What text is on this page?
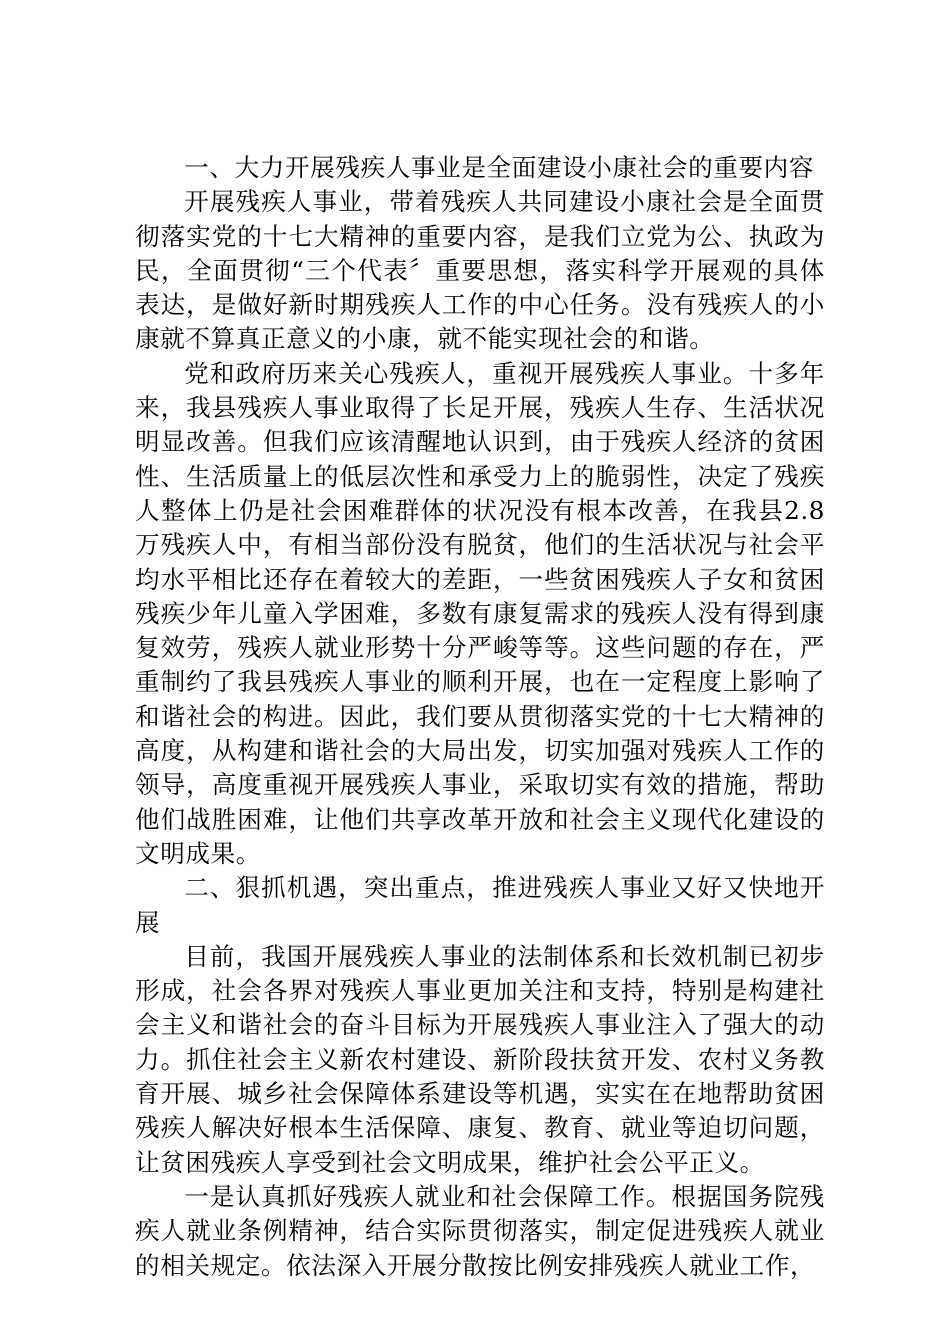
一、大力开展残疾人事业是全面建设小康社会的重要内容

开展残疾人事业，带着残疾人共同建设小康社会是全面贯彻落实党的十七大精神的重要内容，是我们立党为公、执政为民，全面贯彻“三个代表〞重要思想，落实科学开展观的具体表达，是做好新时期残疾人工作的中心任务。没有残疾人的小康就不算真正意义的小康，就不能实现社会的和谐。

党和政府历来关心残疾人，重视开展残疾人事业。十多年来，我县残疾人事业取得了长足开展，残疾人生存、生活状况明显改善。但我们应该清醒地认识到，由于残疾人经济的贫困性、生活质量上的低层次性和承受力上的脆弱性，决定了残疾人整体上仍是社会困难群体的状况没有根本改善，在我县2.8万残疾人中，有相当部份没有脱贫，他们的生活状况与社会平均水平相比还存在着较大的差距，一些贫困残疾人子女和贫困残疾少年儿童入学困难，多数有康复需求的残疾人没有得到康复效劳，残疾人就业形势十分严峻等等。这些问题的存在，严重制约了我县残疾人事业的顺利开展，也在一定程度上影响了和谐社会的构进。因此，我们要从贯彻落实党的十七大精神的高度，从构建和谐社会的大局出发，切实加强对残疾人工作的领导，高度重视开展残疾人事业，采取切实有效的措施，帮助他们战胜困难，让他们共享改革开放和社会主义现代化建设的文明成果。

二、狠抓机遇，突出重点，推进残疾人事业又好又快地开展

目前，我国开展残疾人事业的法制体系和长效机制已初步形成，社会各界对残疾人事业更加关注和支持，特别是构建社会主义和谐社会的奋斗目标为开展残疾人事业注入了强大的动力。抓住社会主义新农村建设、新阶段扶贫开发、农村义务教育开展、城乡社会保障体系建设等机遇，实实在在地帮助贫困残疾人解决好根本生活保障、康复、教育、就业等迫切问题，让贫困残疾人享受到社会文明成果，维护社会公平正义。

一是认真抓好残疾人就业和社会保障工作。根据国务院残疾人就业条例精神，结合实际贯彻落实，制定促进残疾人就业的相关规定。依法深入开展分散按比例安排残疾人就业工作，
